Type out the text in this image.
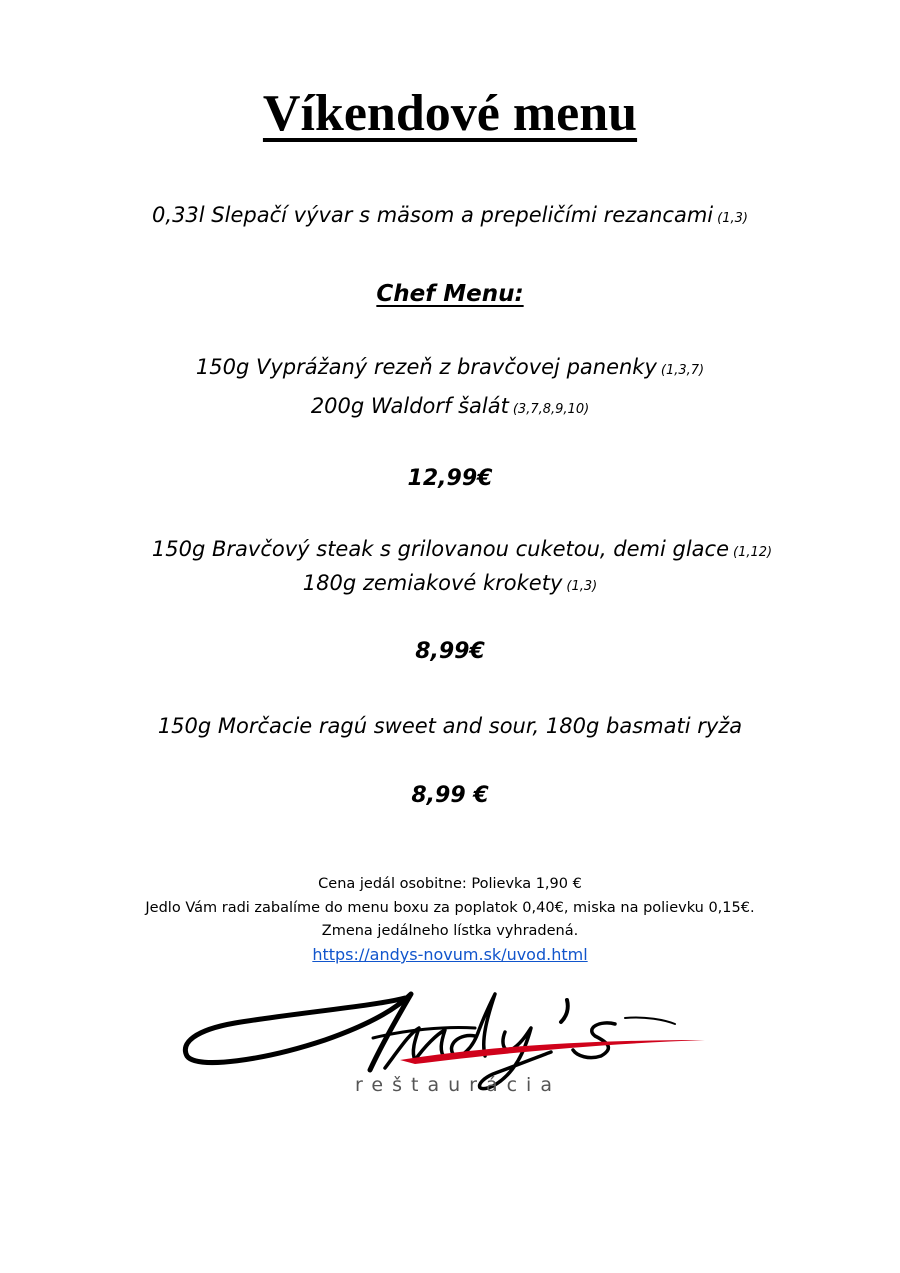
Víkendové menu
0,33l Slepačí vývar s mäsom a prepeličími rezancami (1,3)
Chef Menu:
150g Vyprážaný rezeň z bravčovej panenky (1,3,7)
200g Waldorf šalát (3,7,8,9,10)
12,99€
150g Bravčový steak s grilovanou cuketou, demi glace (1,12)
180g zemiakové krokety (1,3)
8,99€
150g Morčacie ragú sweet and sour, 180g basmati ryža
8,99 €
Cena jedál osobitne: Polievka 1,90 €
Jedlo Vám radi zabalíme do menu boxu za poplatok 0,40€, miska na polievku 0,15€.
Zmena jedálneho lístka vyhradená.
https://andys-novum.sk/uvod.html
reštaurácia
